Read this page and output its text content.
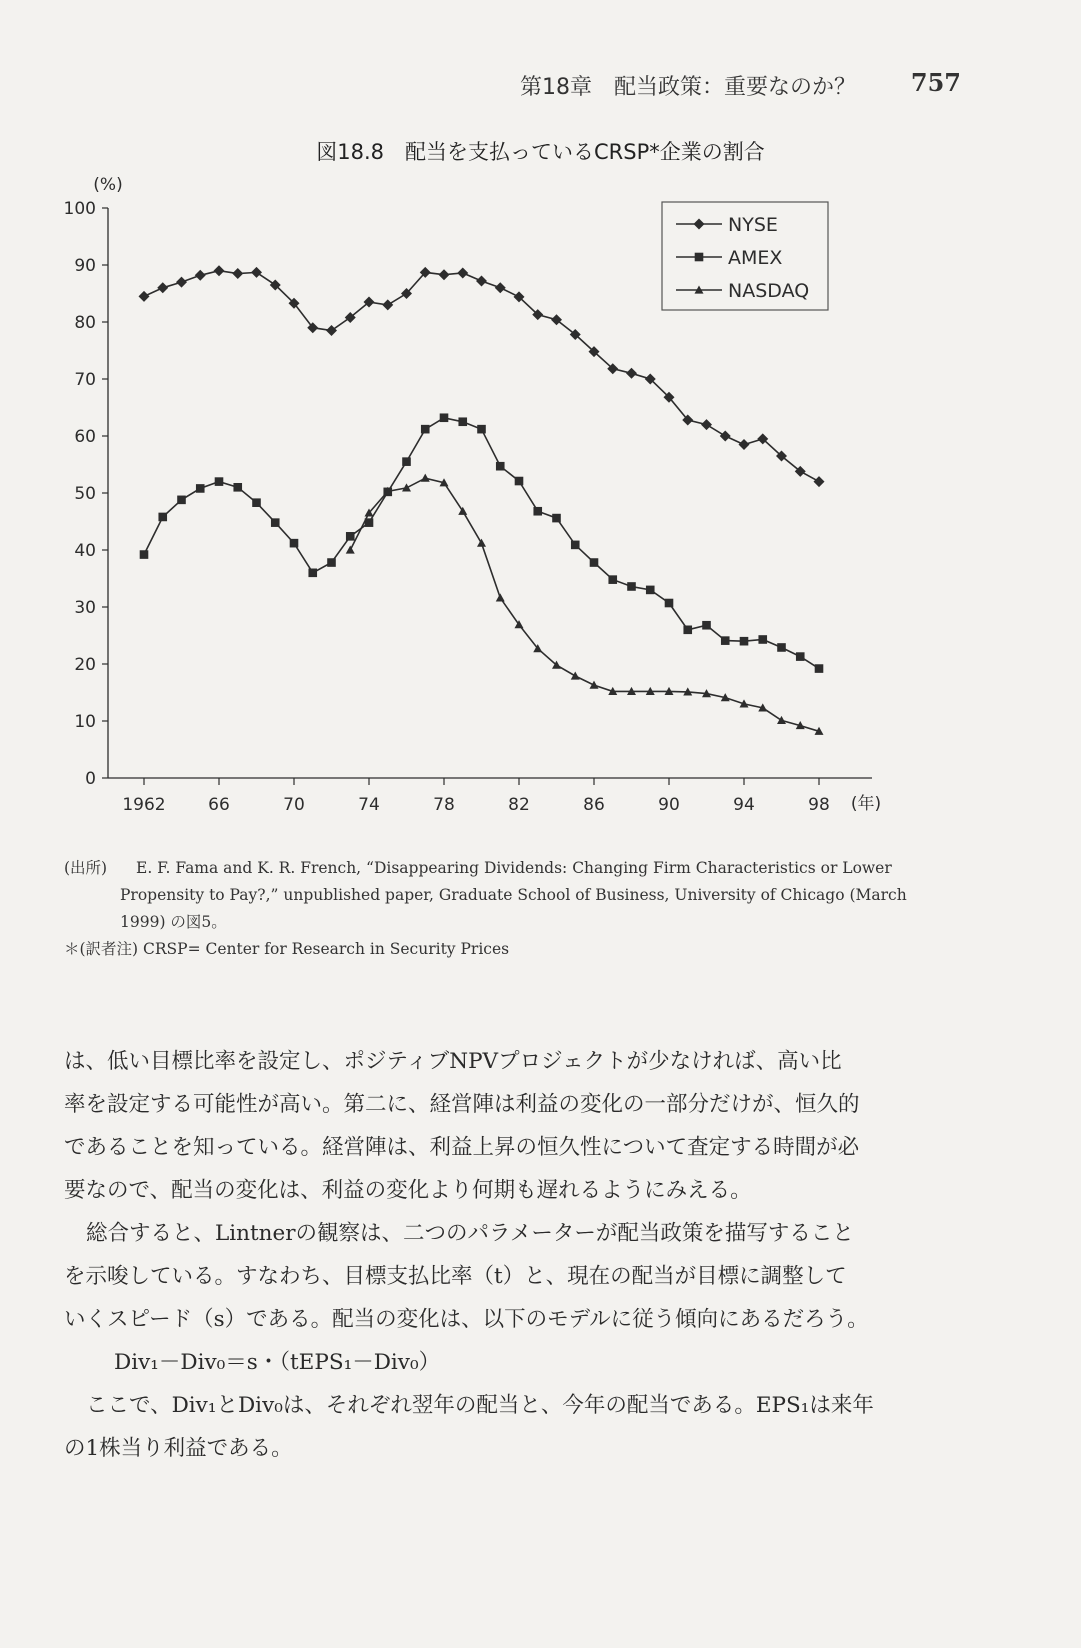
第18章　配当政策：重要なのか？ 757
図18.8　配当を支払っているCRSP*企業の割合
0
10
20
30
40
50
60
70
80
90
100
(%)
1962	66	70	74	78	82	86	90	94	98 (年)
NYSE
AMEX
NASDAQ

(出所) E. F. Fama and K. R. French, “Disappearing Dividends: Changing Firm Characteristics or Lower

Propensity to Pay?,” unpublished paper, Graduate School of Business, University of Chicago (March

1999) の図5。

＊(訳者注) CRSP= Center for Research in Security Prices

は、低い目標比率を設定し、ポジティブNPVプロジェクトが少なければ、高い比

率を設定する可能性が高い。第二に、経営陣は利益の変化の一部分だけが、恒久的

であることを知っている。経営陣は、利益上昇の恒久性について査定する時間が必

要なので、配当の変化は、利益の変化より何期も遅れるようにみえる。

総合すると、Lintnerの観察は、二つのパラメーターが配当政策を描写すること

を示唆している。すなわち、目標支払比率（t）と、現在の配当が目標に調整して

いくスピード（s）である。配当の変化は、以下のモデルに従う傾向にあるだろう。

Div₁－Div₀＝s・（tEPS₁－Div₀）

ここで、Div₁とDiv₀は、それぞれ翌年の配当と、今年の配当である。EPS₁は来年

の1株当り利益である。
